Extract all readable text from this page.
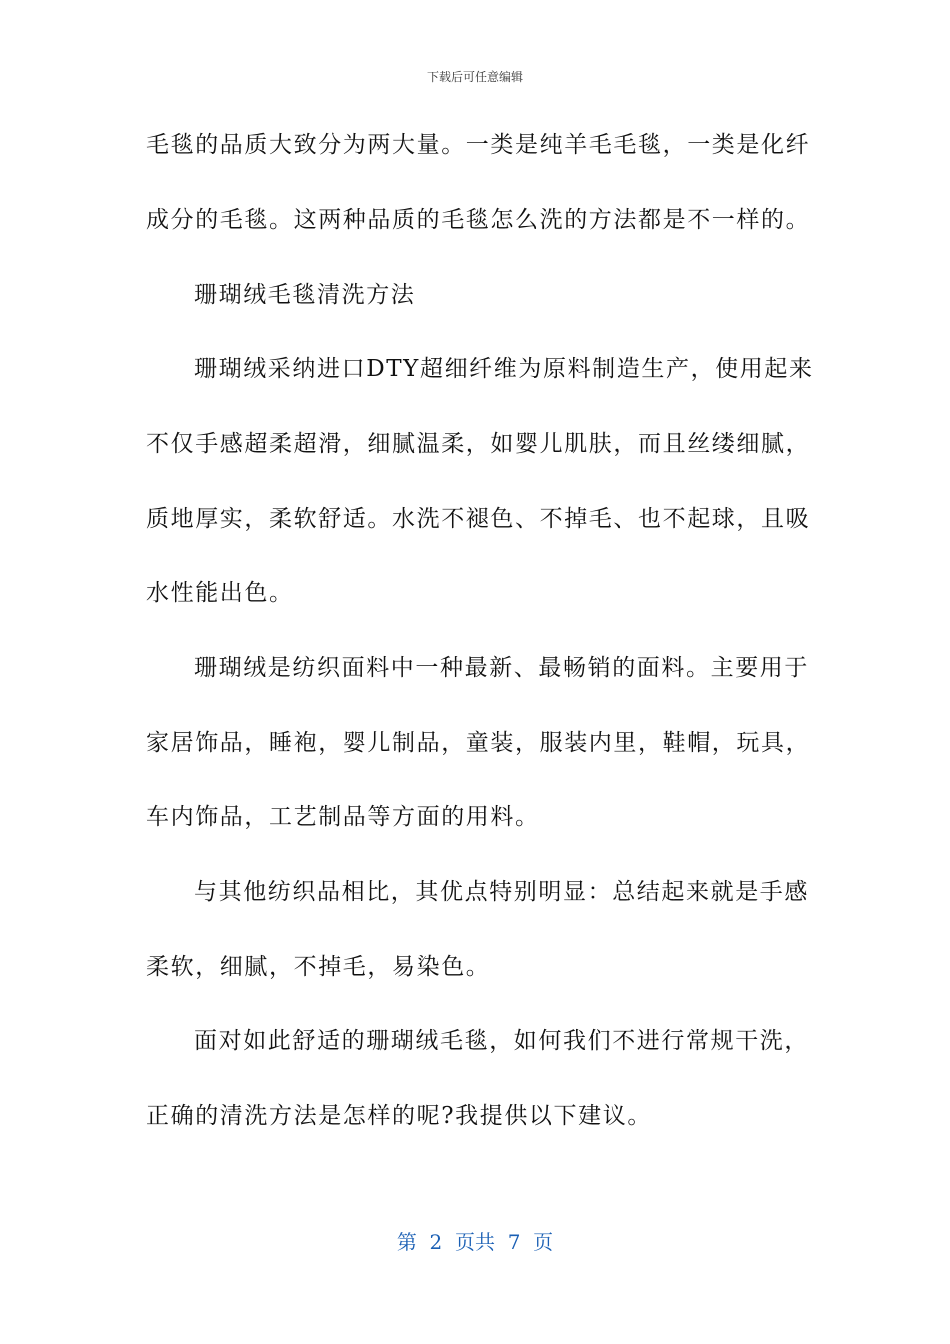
下载后可任意编辑
毛毯的品质大致分为两大量。一类是纯羊毛毛毯，一类是化纤
成分的毛毯。这两种品质的毛毯怎么洗的方法都是不一样的。
珊瑚绒毛毯清洗方法
珊瑚绒采纳进口DTY超细纤维为原料制造生产，使用起来
不仅手感超柔超滑，细腻温柔，如婴儿肌肤，而且丝缕细腻，
质地厚实，柔软舒适。水洗不褪色、不掉毛、也不起球，且吸
水性能出色。
珊瑚绒是纺织面料中一种最新、最畅销的面料。主要用于
家居饰品，睡袍，婴儿制品，童装，服装内里，鞋帽，玩具，
车内饰品，工艺制品等方面的用料。
与其他纺织品相比，其优点特别明显：总结起来就是手感
柔软，细腻，不掉毛，易染色。
面对如此舒适的珊瑚绒毛毯，如何我们不进行常规干洗，
正确的清洗方法是怎样的呢?我提供以下建议。
第  2  页共  7  页
